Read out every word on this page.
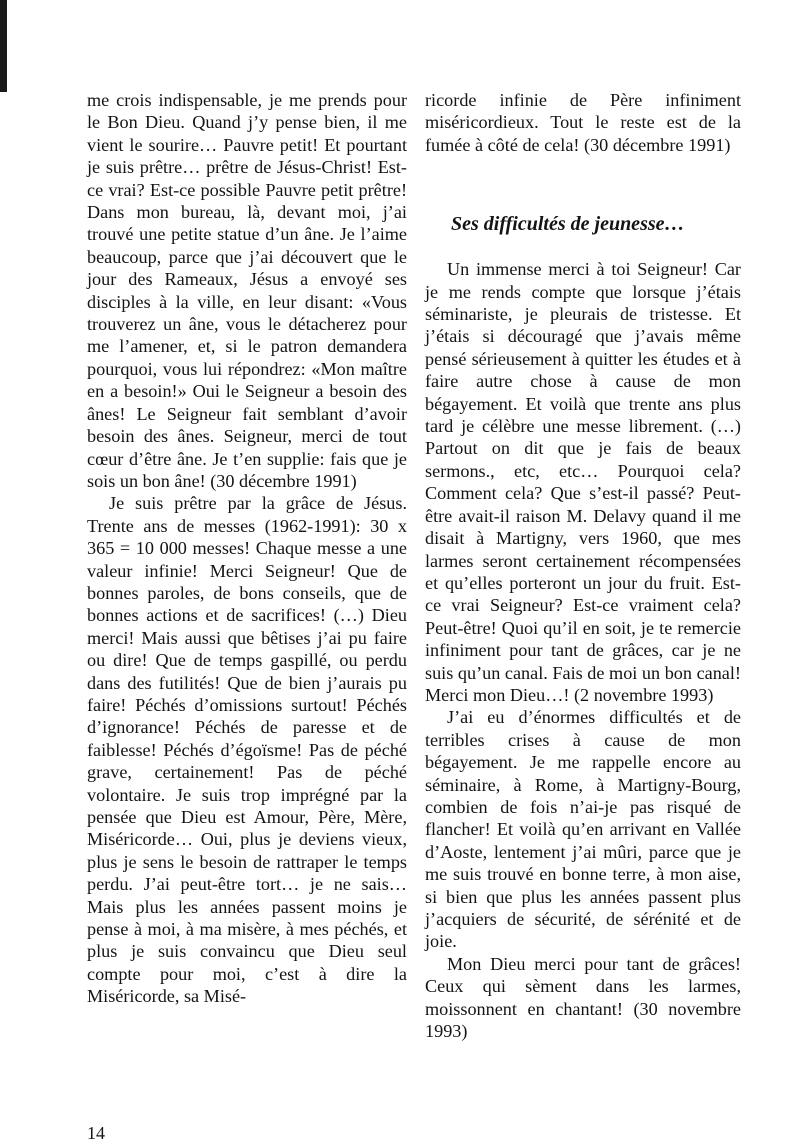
me crois indispensable, je me prends pour le Bon Dieu. Quand j’y pense bien, il me vient le sourire… Pauvre petit! Et pourtant je suis prêtre… prêtre de Jésus-Christ! Est-ce vrai? Est-ce possible Pauvre petit prêtre! Dans mon bureau, là, devant moi, j’ai trouvé une petite statue d’un âne. Je l’aime beaucoup, parce que j’ai découvert que le jour des Rameaux, Jésus a envoyé ses disciples à la ville, en leur disant: «Vous trouverez un âne, vous le détacherez pour me l’amener, et, si le patron demandera pourquoi, vous lui répondrez: «Mon maître en a besoin!» Oui le Seigneur a besoin des ânes! Le Seigneur fait semblant d’avoir besoin des ânes. Seigneur, merci de tout cœur d’être âne. Je t’en supplie: fais que je sois un bon âne! (30 décembre 1991)

Je suis prêtre par la grâce de Jésus. Trente ans de messes (1962-1991): 30 x 365 = 10 000 messes! Chaque messe a une valeur infinie! Merci Seigneur! Que de bonnes paroles, de bons conseils, que de bonnes actions et de sacrifices! (…) Dieu merci! Mais aussi que bêtises j’ai pu faire ou dire! Que de temps gaspillé, ou perdu dans des futilités! Que de bien j’aurais pu faire! Péchés d’omissions surtout! Péchés d’ignorance! Péchés de paresse et de faiblesse! Péchés d’égoïsme! Pas de péché grave, certainement! Pas de péché volontaire. Je suis trop imprégné par la pensée que Dieu est Amour, Père, Mère, Miséricorde… Oui, plus je deviens vieux, plus je sens le besoin de rattraper le temps perdu. J’ai peut-être tort… je ne sais… Mais plus les années passent moins je pense à moi, à ma misère, à mes péchés, et plus je suis convaincu que Dieu seul compte pour moi, c’est à dire la Miséricorde, sa Misé-

ricorde infinie de Père infiniment miséricordieux. Tout le reste est de la fumée à côté de cela! (30 décembre 1991)

Ses difficultés de jeunesse…

Un immense merci à toi Seigneur! Car je me rends compte que lorsque j’étais séminariste, je pleurais de tristesse. Et j’étais si découragé que j’avais même pensé sérieusement à quitter les études et à faire autre chose à cause de mon bégayement. Et voilà que trente ans plus tard je célèbre une messe librement. (…) Partout on dit que je fais de beaux sermons., etc, etc… Pourquoi cela? Comment cela? Que s’est-il passé? Peut-être avait-il raison M. Delavy quand il me disait à Martigny, vers 1960, que mes larmes seront certainement récompensées et qu’elles porteront un jour du fruit. Est-ce vrai Seigneur? Est-ce vraiment cela? Peut-être! Quoi qu’il en soit, je te remercie infiniment pour tant de grâces, car je ne suis qu’un canal. Fais de moi un bon canal! Merci mon Dieu…! (2 novembre 1993)

J’ai eu d’énormes difficultés et de terribles crises à cause de mon bégayement. Je me rappelle encore au séminaire, à Rome, à Martigny-Bourg, combien de fois n’ai-je pas risqué de flancher! Et voilà qu’en arrivant en Vallée d’Aoste, lentement j’ai mûri, parce que je me suis trouvé en bonne terre, à mon aise, si bien que plus les années passent plus j’acquiers de sécurité, de sérénité et de joie.

Mon Dieu merci pour tant de grâces! Ceux qui sèment dans les larmes, moissonnent en chantant! (30 novembre 1993)

14
